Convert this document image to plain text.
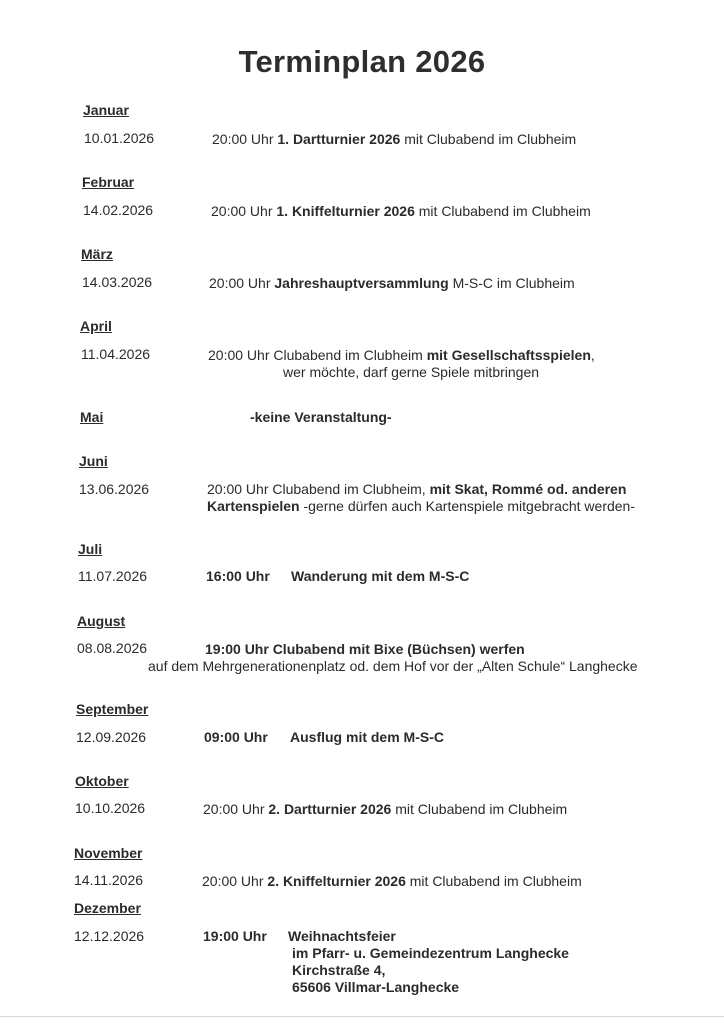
Terminplan 2026
Januar
10.01.2026	20:00 Uhr 1. Dartturnier 2026 mit Clubabend im Clubheim
Februar
14.02.2026	20:00 Uhr 1. Kniffelturnier 2026 mit Clubabend im Clubheim
März
14.03.2026	20:00 Uhr Jahreshauptversammlung M-S-C im Clubheim
April
11.04.2026	20:00 Uhr Clubabend im Clubheim mit Gesellschaftsspielen,
wer möchte, darf gerne Spiele mitbringen
Mai	-keine Veranstaltung-
Juni
13.06.2026	20:00 Uhr Clubabend im Clubheim, mit Skat, Rommé od. anderen
Kartenspielen -gerne dürfen auch Kartenspiele mitgebracht werden-
Juli
11.07.2026	16:00 Uhr Wanderung mit dem M-S-C
August
08.08.2026	19:00 Uhr Clubabend mit Bixe (Büchsen) werfen
auf dem Mehrgenerationenplatz od. dem Hof vor der „Alten Schule“ Langhecke
September
12.09.2026	09:00 Uhr Ausflug mit dem M-S-C
Oktober
10.10.2026	20:00 Uhr 2. Dartturnier 2026 mit Clubabend im Clubheim
November
14.11.2026	20:00 Uhr 2. Kniffelturnier 2026 mit Clubabend im Clubheim
Dezember
12.12.2026	19:00 Uhr Weihnachtsfeier
im Pfarr- u. Gemeindezentrum Langhecke
Kirchstraße 4,
65606 Villmar-Langhecke
